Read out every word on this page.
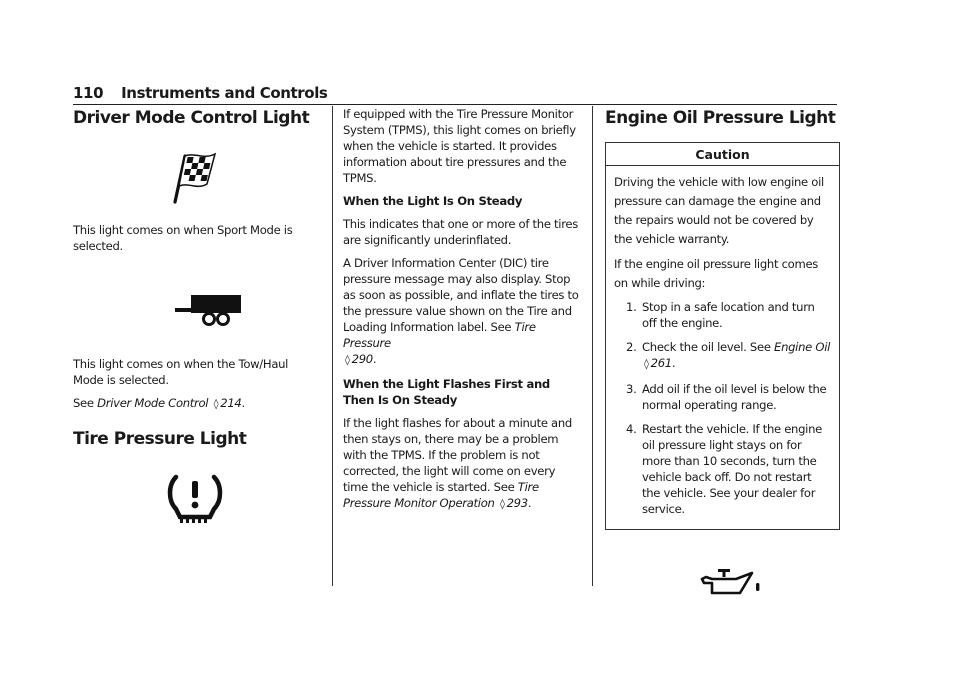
110 Instruments and Controls
Driver Mode Control Light

This light comes on when Sport Mode is selected.

This light comes on when the Tow/Haul Mode is selected.

See Driver Mode Control ◊ 214.

Tire Pressure Light

If equipped with the Tire Pressure Monitor System (TPMS), this light comes on briefly when the vehicle is started. It provides information about tire pressures and the TPMS.

When the Light Is On Steady

This indicates that one or more of the tires are significantly underinflated.

A Driver Information Center (DIC) tire pressure message may also display. Stop as soon as possible, and inflate the tires to the pressure value shown on the Tire and Loading Information label. See Tire Pressure
◊ 290.

When the Light Flashes First and Then Is On Steady

If the light flashes for about a minute and then stays on, there may be a problem with the TPMS. If the problem is not corrected, the light will come on every time the vehicle is started. See Tire Pressure Monitor Operation ◊ 293.

Engine Oil Pressure Light
Caution

Driving the vehicle with low engine oil pressure can damage the engine and the repairs would not be covered by the vehicle warranty.

If the engine oil pressure light comes on while driving:

1. Stop in a safe location and turn off the engine.
2. Check the oil level. See Engine Oil
◊ 261.
3. Add oil if the oil level is below the normal operating range.
4. Restart the vehicle. If the engine oil pressure light stays on for more than 10 seconds, turn the vehicle back off. Do not restart the vehicle. See your dealer for service.
